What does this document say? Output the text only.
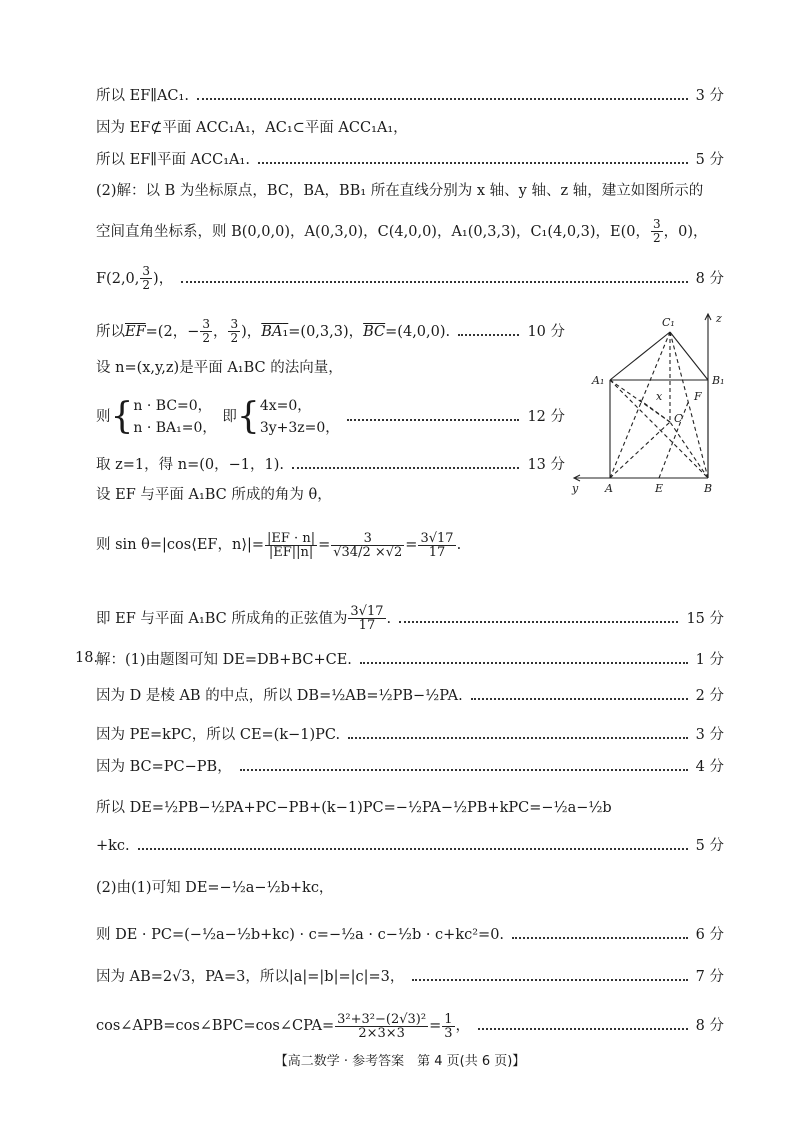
所以 EF∥AC₁.	3 分
因为 EF⊄平面 ACC₁A₁，AC₁⊂平面 ACC₁A₁，
所以 EF∥平面 ACC₁A₁.	5 分
(2)解：以 B 为坐标原点，BC，BA，BB₁ 所在直线分别为 x 轴、y 轴、z 轴，建立如图所示的
空间直角坐标系，则 B(0,0,0)，A(0,3,0)，C(4,0,0)，A₁(0,3,3)，C₁(4,0,3)，E(0， $\frac{3}{2}$ ，0)，
F(2,0, $\frac{3}{2}$ )，	8 分
C₁	z
A₁	B₁
x	F
C
y A	E	B
所以 $\overline{EF} =(2$，− $\frac{3}{2}$ ， $\frac{3}{2}$ )， BA₁ =(0,3,3)， $\overline{BC} =(4,0,0)$.	10 分
设 n=(x,y,z)是平面 A₁BC 的法向量，
则 { n · BC=0，
n · BA₁=0，
即 { 4x=0，
3y+3z=0，
12 分
取 z=1，得 n=(0，−1，1).	13 分
设 EF 与平面 A₁BC 所成的角为 θ，
则 sin θ=|cos⟨EF，n⟩|= $\frac{|EF \cdot n|}{|EF||n|} = \frac{3}{√34/2 \times√2} = \frac{3√17}{17}$ .
即 EF 与平面 A₁BC 所成角的正弦值为 $\frac{3√17}{17}$ .	15 分
18.
解：(1)由题图可知 DE=DB+BC+CE.	1 分
因为 D 是棱 AB 的中点，所以 DB=½AB=½PB−½PA.	2 分
因为 PE=kPC，所以 CE=(k−1)PC.	3 分
因为 BC=PC−PB，	4 分
所以 DE=½PB−½PA+PC−PB+(k−1)PC=−½PA−½PB+kPC=−½a−½b
+kc.	5 分
(2)由(1)可知 DE=−½a−½b+kc，
则 DE · PC=(−½a−½b+kc) · c=−½a · c−½b · c+kc²=0.	6 分
因为 AB=2√3，PA=3，所以|a|=|b|=|c|=3，	7 分
cos∠APB=cos∠BPC=cos∠CPA= $\frac{\text{3²+3²−(2√3)²}}{2\times 3\times 3} = \frac{1}{3}$ ，	8 分
【高二数学 · 参考答案　第 4 页(共 6 页)】
